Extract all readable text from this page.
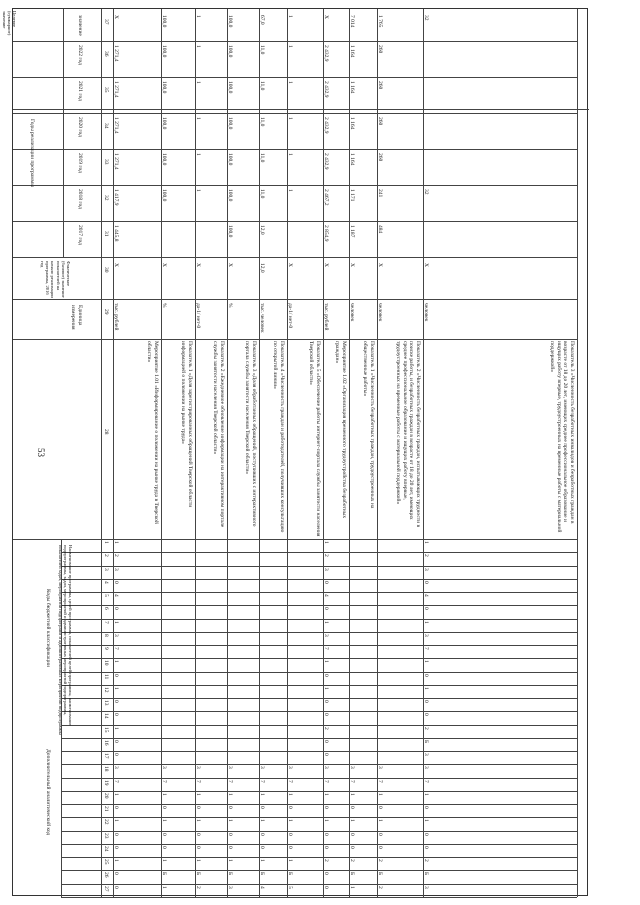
53
Коды бюджетной классификации
Дополнительный аналитический код
Наименование программы, целей программы, показателей целей программы, наименование подпрограммы, задач, мероприятий и административных мероприятий подпрограммы, показателей задач, мероприятий подпрограмм и административных мероприятий подпрограммы
Единица измерения
Фактическое (базовое) значение показателей на начало реализации программы, 2016 год
Годы реализации программы
Целевое (суммарное) значение	значение
2017 год
2018 год
2019 год
2020 год
2021 год
2022 год
1
2
3
4
5
6
7
8
9
10
11
12
13
14
15
16
17
18
19
20
21
22
23
24
25
26
27
28
29
30
31
32
33
34
35
36
37
1
2
3
0
4
0
1
3
7
1
0
1
0
0
1
0
0
3
7
1
0
1
0
0
1
0
0
Мероприятие 1.01 «Информирование о положении на рынке труда в Тверской области»
тыс. рублей
X
1 445,8
1 417,9
1 271,4
1 271,4
1 271,4
1 271,4
X
3
7
1
0
1
0
0
1
Б
1
Показатель 1 «Доля зарегистрированных обращений Тверской области информацией о положении на рынке труда»
%
X
100,0
100,0
100,0
100,0
100,0
100,0
3
7
1
0
1
0
0
1
Б
2
Показатель 2 «Ежедневное обновление информации на интерактивном портале службы занятости населения Тверской области»
да-1/ нет-0
X
1
1
1
1
1
1
3
7
1
0
1
0
0
1
Б
3
Показатель 3 «Доля обработанных обращений, поступивших с интерактивного портала службы занятости населения Тверской области»
%
X
100,0
100,0
100,0
100,0
100,0
100,0
100,0
3
7
1
0
1
0
0
1
Б
4
Показатель 4 «Численность граждан и работодателей, получивших консультацию по открытой линии»
тыс. человек
12,0
12,0
11,0
11,0
11,0
11,0
11,0
67,0
3
7
1
0
1
0
0
1
Б
5
Показатель 5 «Обеспечение работы интернет-портала службы занятости населения Тверской области»
да-1/ нет-0
X
1
1
1
1
1
1
1
2
3
0
4
0
1
3
7
1
0
1
0
0
2
0
0
3
7
1
0
1
0
0
2
0
0
Мероприятие 1.02 «Организация временного трудоустройства безработных граждан»
тыс. рублей
X
2 854,9
2 467,2
2 432,9
2 432,9
2 432,9
2 432,9
X
3
7
1
0
1
0
0
2
Б
1
Показатель 1 «Численность безработных граждан, трудоустроенных на общественные работы»
человек
X
1 187
1 171
1 164
1 164
1 164
1 164
7 014
3
7
1
0
1
0
0
2
Б
2
Показатель 2 «Численность безработных граждан, испытывающих трудности в поиске работы, и безработных граждан в возрасте от 18 до 20 лет, имеющих среднее профессиональное образование и ищущих работу впервые, трудоустроенных на временные работы с материальной поддержкой»
человек
X
484
241
260
260
260
260
1 765
1
2
3
0
4
0
1
3
7
1
0
1
0
0
2
Б
3
3
7
1
0
1
0
0
2
Б
3
Показатель 3 «Численность безработных инвалидов и безработных граждан в возрасте от 18 до 20 лет, имеющих среднее профессиональное образование и ищущих работу впервые, трудоустроенных на временные работы с материальной поддержкой»
человек
X
32
32
